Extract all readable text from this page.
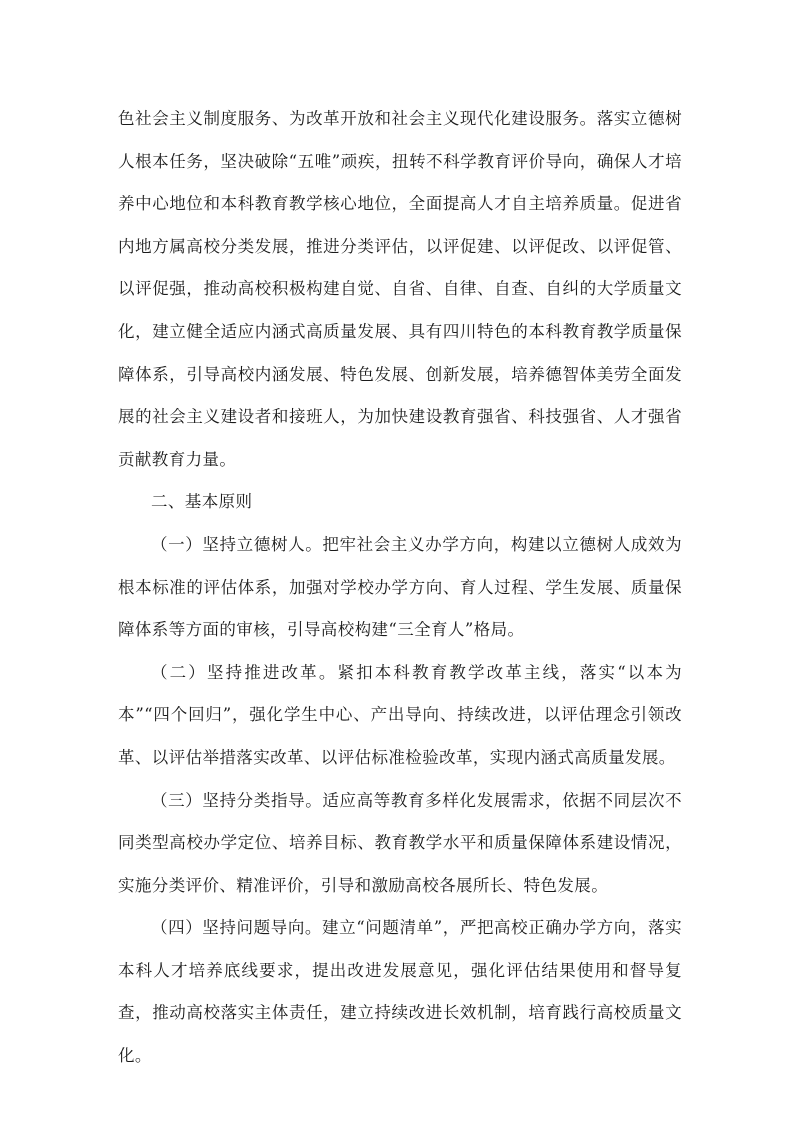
色社会主义制度服务、为改革开放和社会主义现代化建设服务。落实立德树人根本任务，坚决破除“五唯”顽疾，扭转不科学教育评价导向，确保人才培养中心地位和本科教育教学核心地位，全面提高人才自主培养质量。促进省内地方属高校分类发展，推进分类评估，以评促建、以评促改、以评促管、以评促强，推动高校积极构建自觉、自省、自律、自查、自纠的大学质量文化，建立健全适应内涵式高质量发展、具有四川特色的本科教育教学质量保障体系，引导高校内涵发展、特色发展、创新发展，培养德智体美劳全面发展的社会主义建设者和接班人，为加快建设教育强省、科技强省、人才强省贡献教育力量。

二、基本原则

（一）坚持立德树人。把牢社会主义办学方向，构建以立德树人成效为根本标准的评估体系，加强对学校办学方向、育人过程、学生发展、质量保障体系等方面的审核，引导高校构建“三全育人”格局。

（二）坚持推进改革。紧扣本科教育教学改革主线，落实“以本为本”“四个回归”，强化学生中心、产出导向、持续改进，以评估理念引领改革、以评估举措落实改革、以评估标准检验改革，实现内涵式高质量发展。

（三）坚持分类指导。适应高等教育多样化发展需求，依据不同层次不同类型高校办学定位、培养目标、教育教学水平和质量保障体系建设情况，实施分类评价、精准评价，引导和激励高校各展所长、特色发展。

（四）坚持问题导向。建立“问题清单”，严把高校正确办学方向，落实本科人才培养底线要求，提出改进发展意见，强化评估结果使用和督导复查，推动高校落实主体责任，建立持续改进长效机制，培育践行高校质量文化。
